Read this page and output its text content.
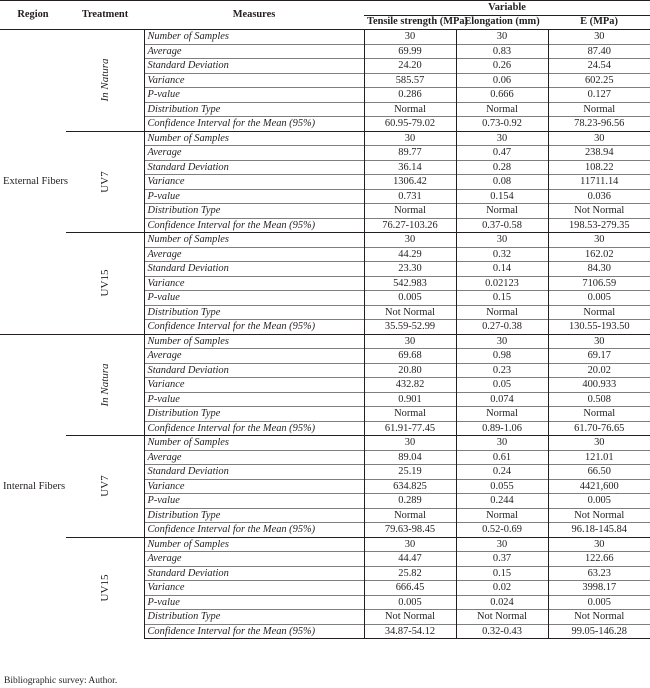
Region	Treatment	Measures	Variable		
			Tensile strength (MPa)	Elongation (mm)	E (MPa)
External Fibers	In Natura	Number of Samples	30	30	30
		Average	69.99	0.83	87.40
		Standard Deviation	24.20	0.26	24.54
		Variance	585.57	0.06	602.25
		P-value	0.286	0.666	0.127
		Distribution Type	Normal	Normal	Normal
		Confidence Interval for the Mean (95%)	60.95-79.02	0.73-0.92	78.23-96.56

	UV7	Number of Samples	30	30	30
		Average	89.77	0.47	238.94
		Standard Deviation	36.14	0.28	108.22
		Variance	1306.42	0.08	11711.14
		P-value	0.731	0.154	0.036
		Distribution Type	Normal	Normal	Not Normal
		Confidence Interval for the Mean (95%)	76.27-103.26	0.37-0.58	198.53-279.35

	UV15	Number of Samples	30	30	30
		Average	44.29	0.32	162.02
		Standard Deviation	23.30	0.14	84.30
		Variance	542.983	0.02123	7106.59
		P-value	0.005	0.15	0.005
		Distribution Type	Not Normal	Normal	Normal
		Confidence Interval for the Mean (95%)	35.59-52.99	0.27-0.38	130.55-193.50
Internal Fibers	In Natura	Number of Samples	30	30	30
		Average	69.68	0.98	69.17
		Standard Deviation	20.80	0.23	20.02
		Variance	432.82	0.05	400.933
		P-value	0.901	0.074	0.508
		Distribution Type	Normal	Normal	Normal
		Confidence Interval for the Mean (95%)	61.91-77.45	0.89-1.06	61.70-76.65

	UV7	Number of Samples	30	30	30
		Average	89.04	0.61	121.01
		Standard Deviation	25.19	0.24	66.50
		Variance	634.825	0.055	4421,600
		P-value	0.289	0.244	0.005
		Distribution Type	Normal	Normal	Not Normal
		Confidence Interval for the Mean (95%)	79.63-98.45	0.52-0.69	96.18-145.84

	UV15	Number of Samples	30	30	30
		Average	44.47	0.37	122.66
		Standard Deviation	25.82	0.15	63.23
		Variance	666.45	0.02	3998.17
		P-value	0.005	0.024	0.005
		Distribution Type	Not Normal	Not Normal	Not Normal
		Confidence Interval for the Mean (95%)	34.87-54.12	0.32-0.43	99.05-146.28
Bibliographic survey: Author.
